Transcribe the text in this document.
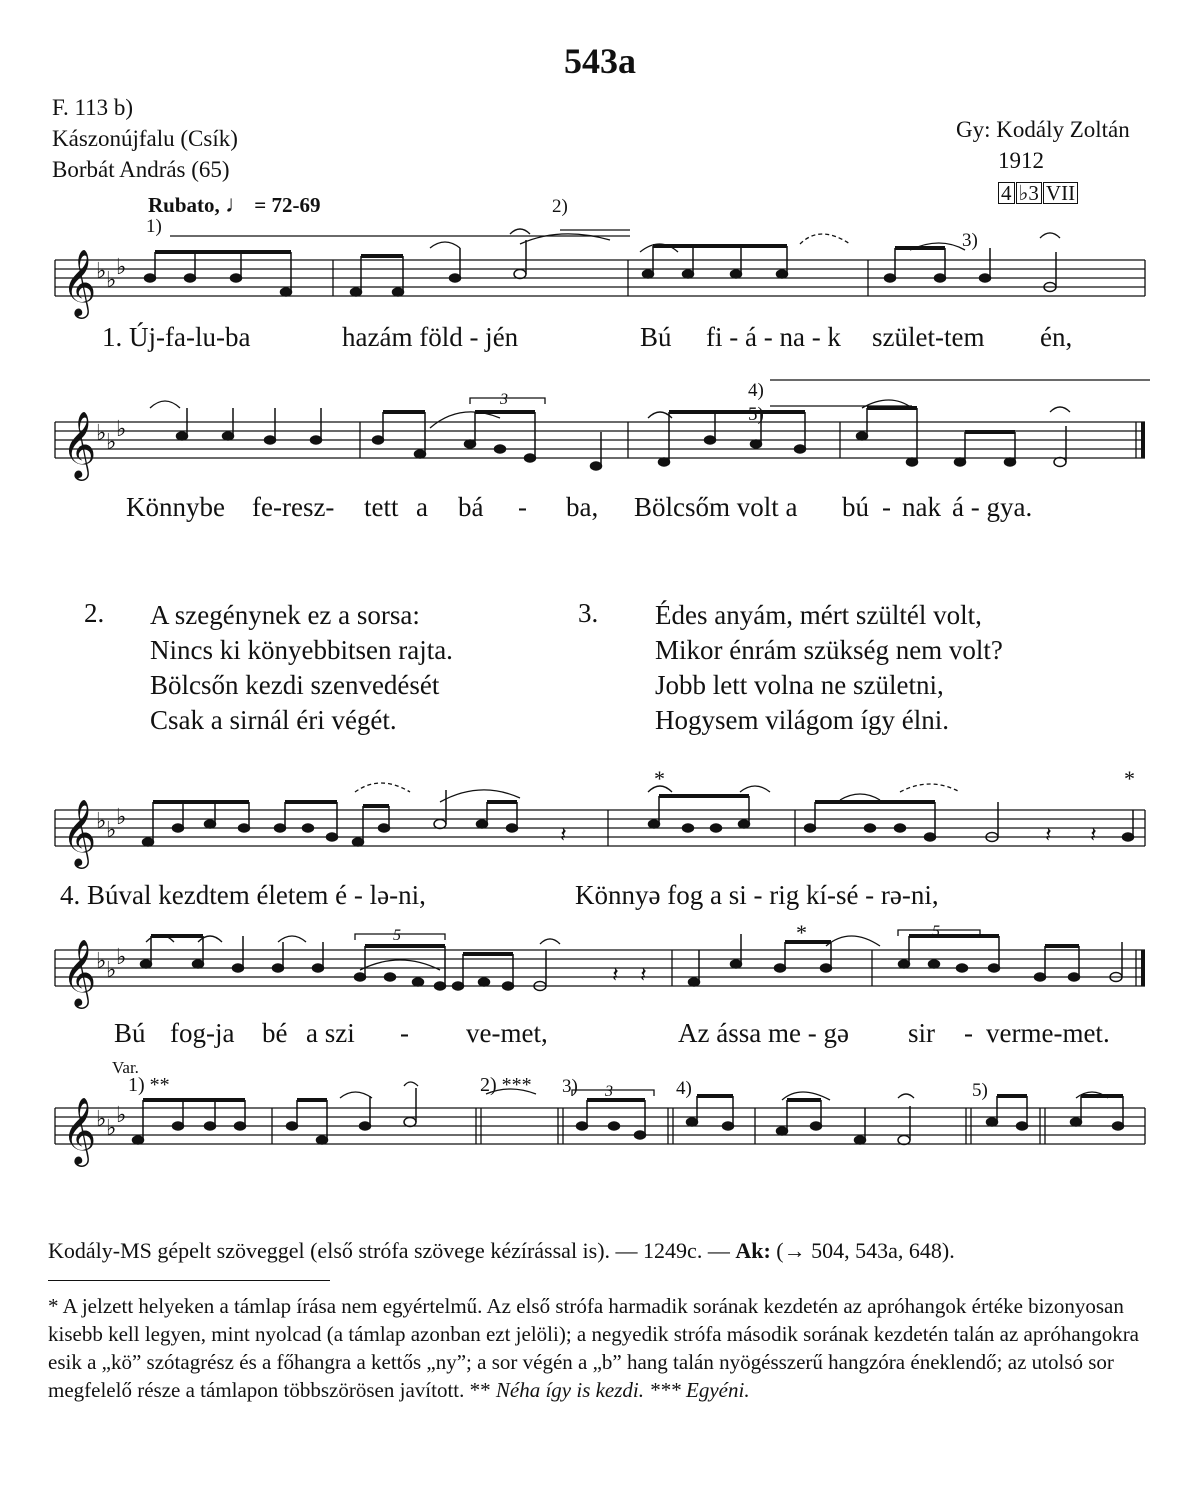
543a
F. 113 b)
Kászonújfalu (Csík)
Borbát András (65)
Gy: Kodály Zoltán
1912
4 ♭3 VII
Rubato, ♩ = 72-69
1)
2)
3)
4)
5)
𝄞 ♭ ♭
♭
1. Új-fa-lu-ba	hazám föld - jén	Bú fi - á - na - k szület-tem én,
𝄞 ♭ ♭
♭
3
Könnybe fe-resz- tett a bá - ba, Bölcsőm volt a bú - nak á - gya.
2. A szegénynek ez a sorsa:
Nincs ki könyebbitsen rajta.
Bölcsőn kezdi szenvedését
Csak a sirnál éri végét.
3. Édes anyám, mért szültél volt,
Mikor énrám szükség nem volt?
Jobb lett volna ne születni,
Hogysem világom így élni.
*	*
𝄞 ♭ ♭
♭
𝄽 𝄽
𝄽
4. Búval kezdtem életem é - lə-ni,	Könnyə fog a si - rig kí-sé - rə-ni,
*
𝄞 ♭ ♭
♭
5	5
𝄽 𝄽
Bú fog-ja bé a szi - ve-met,	Az ássa me - gə sir - verme-met.
Var.
1) **	2) *** 3)	4)	5)
𝄞 ♭ ♭
♭
3
Kodály-MS gépelt szöveggel (első strófa szövege kézírással is). — 1249c. — Ak: (→ 504, 543a, 648).
* A jelzett helyeken a támlap írása nem egyértelmű. Az első strófa harmadik sorának kezdetén az apróhangok értéke bizonyosan kisebb kell legyen, mint nyolcad (a támlap azonban ezt jelöli); a negyedik strófa második sorának kezdetén talán az apróhangokra esik a „kö” szótagrész és a főhangra a kettős „ny”; a sor végén a „b” hang talán nyögésszerű hangzóra éneklendő; az utolsó sor megfelelő része a támlapon többszörösen javított. ** Néha így is kezdi. *** Egyéni.
